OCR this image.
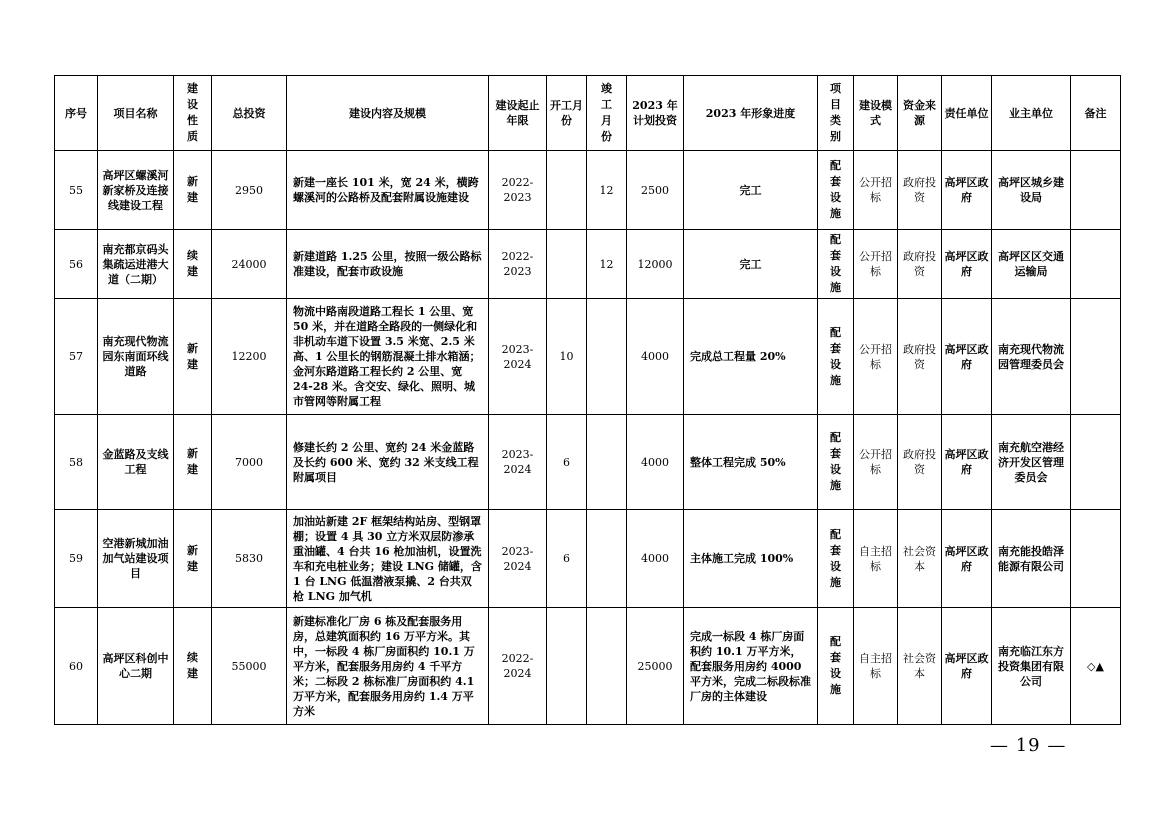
序号	项目名称	建设性质	总投资	建设内容及规模	建设起止年限	开工月份	竣工月份	2023 年计划投资	2023 年形象进度	项目类别	建设模式	资金来源	责任单位	业主单位	备注
55	高坪区螺溪河新家桥及连接线建设工程	新建	2950	新建一座长 101 米，宽 24 米，横跨螺溪河的公路桥及配套附属设施建设	2022-2023		12	2500	完工	配套设施	公开招标	政府投资	高坪区政府	高坪区城乡建设局	
56	南充都京码头集疏运进港大道（二期）	续建	24000	新建道路 1.25 公里，按照一级公路标准建设，配套市政设施	2022-2023		12	12000	完工	配套设施	公开招标	政府投资	高坪区政府	高坪区区交通运输局	
57	南充现代物流园东南面环线道路	新建	12200	物流中路南段道路工程长 1 公里、宽 50 米，并在道路全路段的一侧绿化和非机动车道下设置 3.5 米宽、2.5 米高、1 公里长的钢筋混凝土排水箱涵；金河东路道路工程长约 2 公里、宽 24-28 米。含交安、绿化、照明、城市管网等附属工程	2023-2024	10		4000	完成总工程量 20%	配套设施	公开招标	政府投资	高坪区政府	南充现代物流园管理委员会	
58	金蓝路及支线工程	新建	7000	修建长约 2 公里、宽约 24 米金蓝路及长约 600 米、宽约 32 米支线工程附属项目	2023-2024	6		4000	整体工程完成 50%	配套设施	公开招标	政府投资	高坪区政府	南充航空港经济开发区管理委员会	
59	空港新城加油加气站建设项目	新建	5830	加油站新建 2F 框架结构站房、型钢罩棚；设置 4 具 30 立方米双层防渗承重油罐、4 台共 16 枪加油机，设置洗车和充电桩业务；建设 LNG 储罐，含 1 台 LNG 低温潜液泵撬、2 台共双枪 LNG 加气机	2023-2024	6		4000	主体施工完成 100%	配套设施	自主招标	社会资本	高坪区政府	南充能投皓泽能源有限公司	
60	高坪区科创中心二期	续建	55000	新建标准化厂房 6 栋及配套服务用房，总建筑面积约 16 万平方米。其中，一标段 4 栋厂房面积约 10.1 万平方米，配套服务用房约 4 千平方米；二标段 2 栋标准厂房面积约 4.1 万平方米，配套服务用房约 1.4 万平方米	2022-2024			25000	完成一标段 4 栋厂房面积约 10.1 万平方米，配套服务用房约 4000 平方米，完成二标段标准厂房的主体建设	配套设施	自主招标	社会资本	高坪区政府	南充临江东方投资集团有限公司	◇▲
— 19 —
